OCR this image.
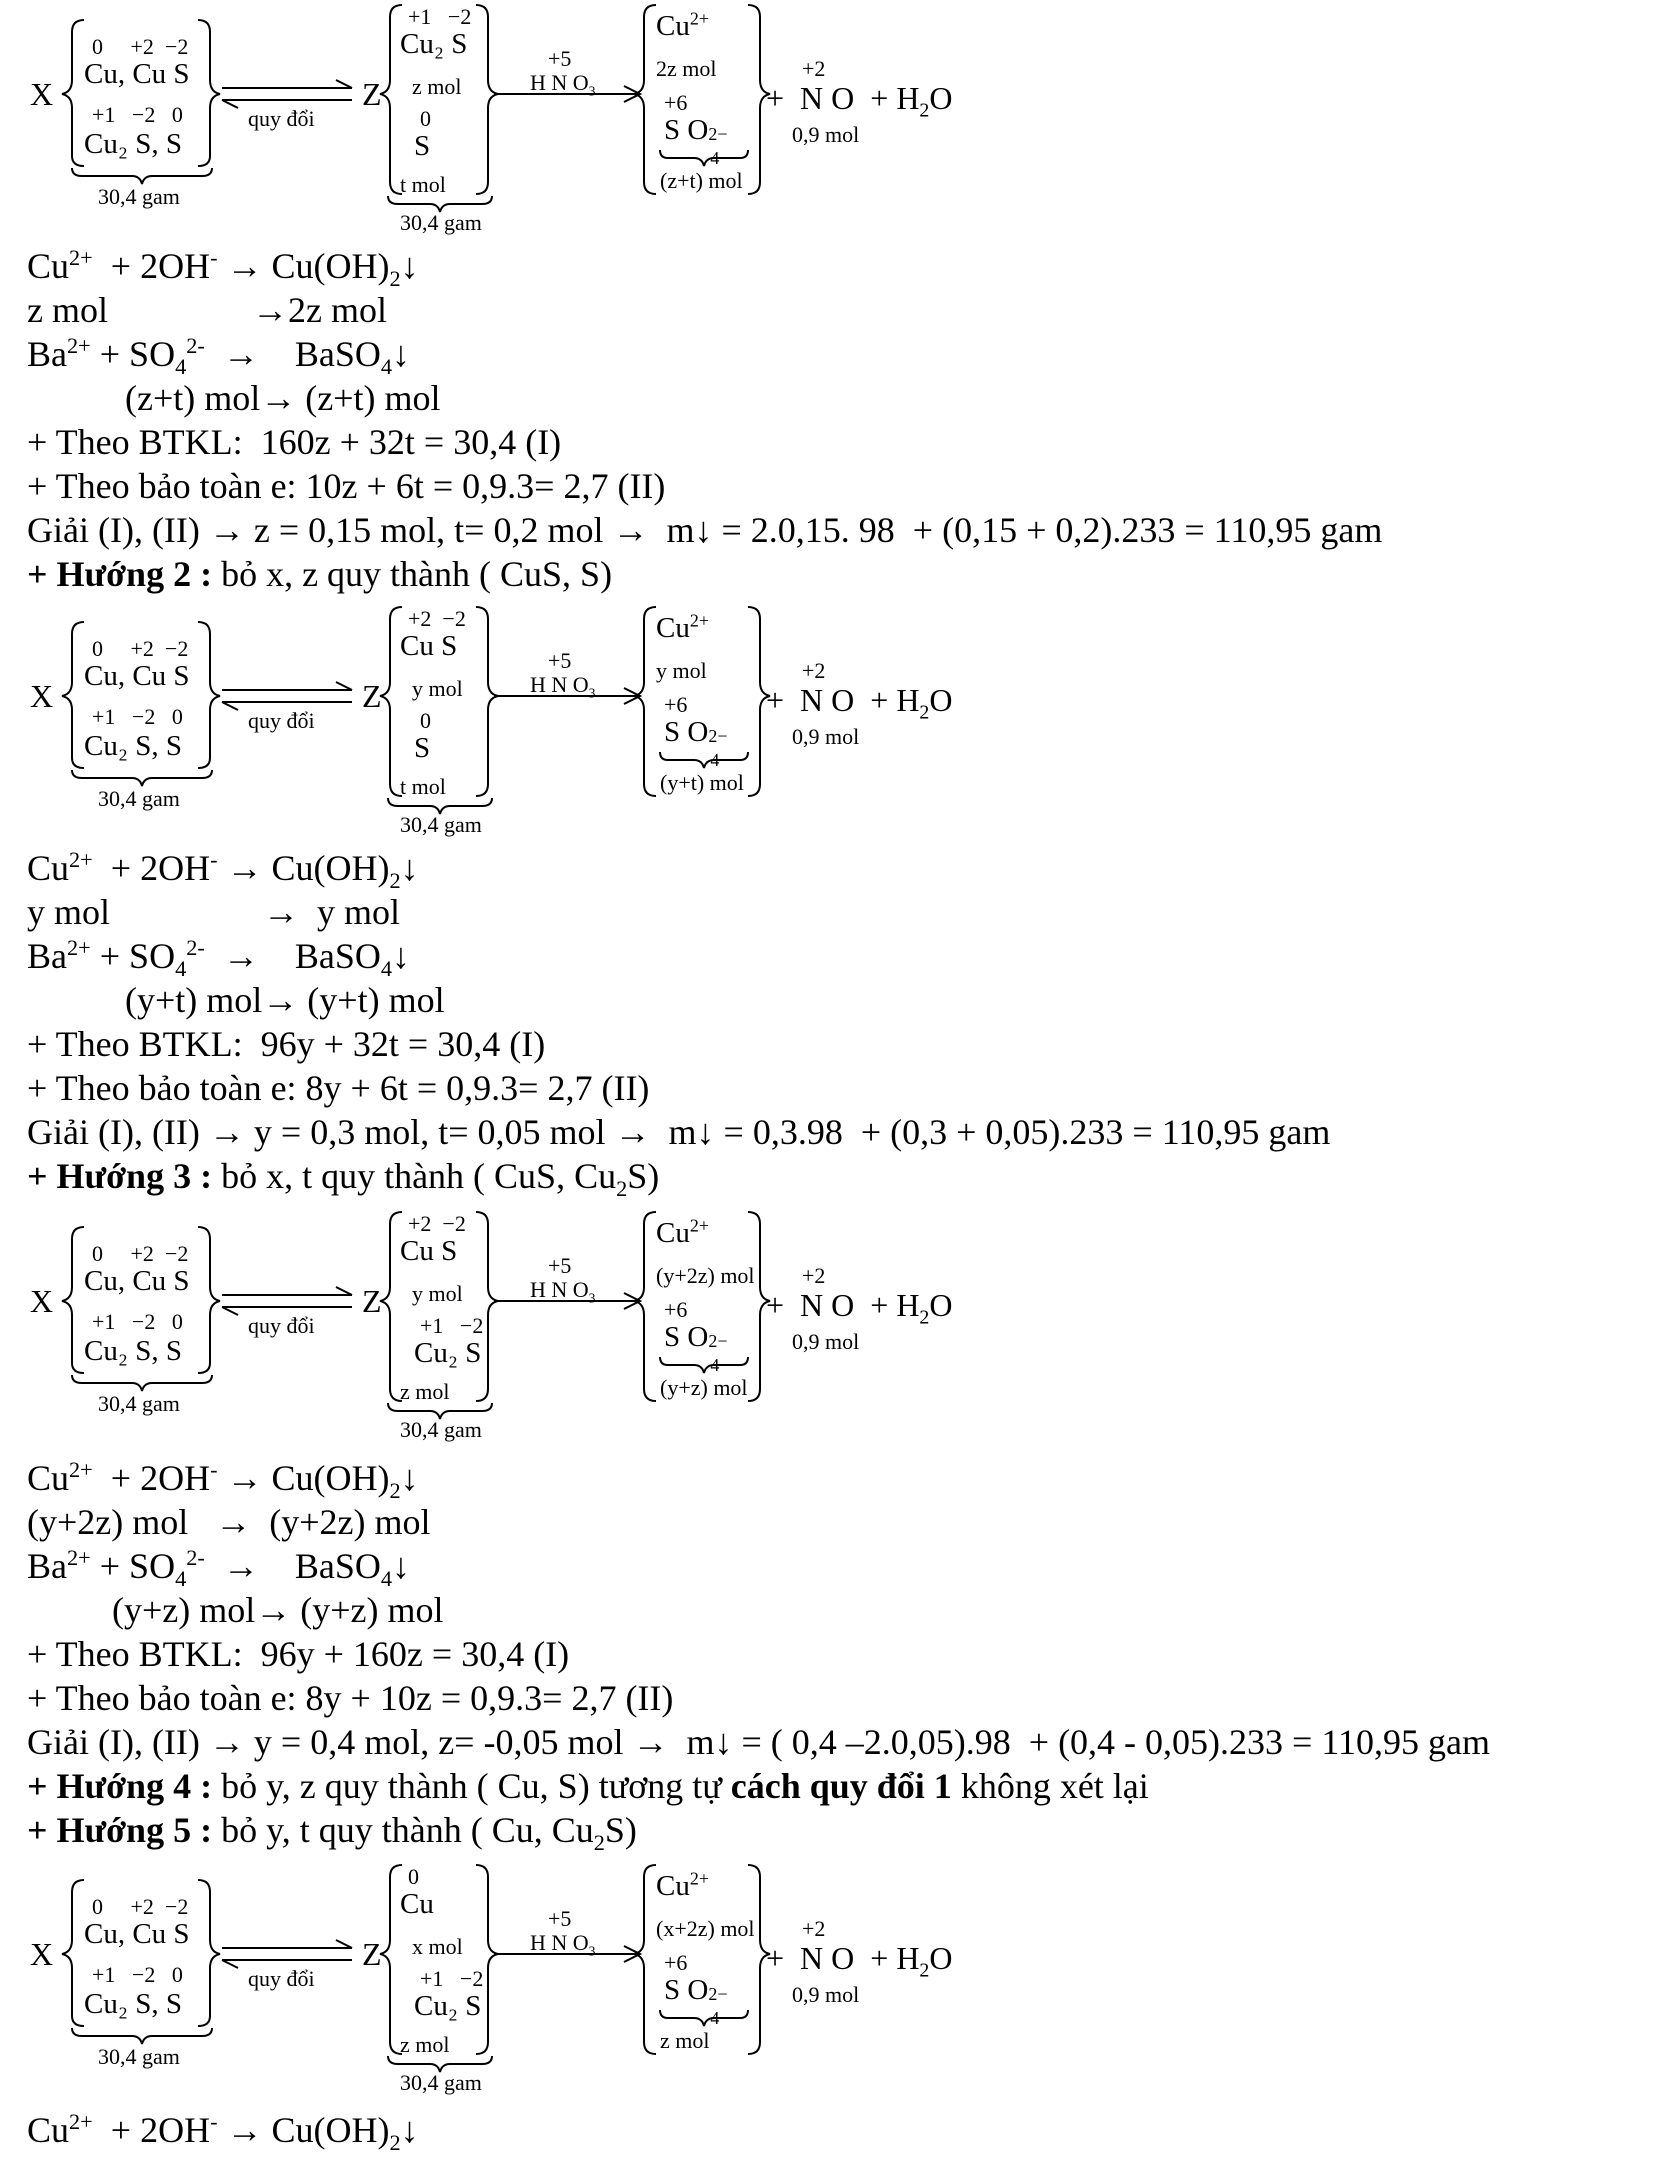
X
0     +2  −2
Cu, Cu S
+1   −2   0
Cu₂ S, S
30,4 gam
quy đổi
Z
+1   −2
Cu₂ S
z mol
0
S
t mol
30,4 gam
+5
H N $O_3$
$Cu^{2+}$
2z mol
+6
S O 2−
4
(z+t) mol
+2
+  N $O + H_2O$
0,9 mol
X
0     +2  −2
Cu, Cu S
+1   −2   0
Cu₂ S, S
30,4 gam
quy đổi
Z
+2  −2
Cu S
y mol
0
S
t mol
30,4 gam
+5
H N $O_3$
$Cu^{2+}$
y mol
+6
S O 2−
4
(y+t) mol
+2
+  N $O + H_2O$
0,9 mol
X
0     +2  −2
Cu, Cu S
+1   −2   0
Cu₂ S, S
30,4 gam
quy đổi
Z
+2  −2
Cu S
y mol
+1   −2
Cu₂ S
z mol
30,4 gam
+5
H N $O_3$
$Cu^{2+}$
(y+2z) mol
+6
S O 2−
4
(y+z) mol
+2
+  N $O + H_2O$
0,9 mol
X
0     +2  −2
Cu, Cu S
+1   −2   0
Cu₂ S, S
30,4 gam
quy đổi
Z
0
Cu
x mol
+1   −2
Cu₂ S
z mol
30,4 gam
+5
H N $O_3$
$Cu^{2+}$
(x+2z) mol
+6
S O 2−
4
z mol
+2
+  N $O + H_2O$
0,9 mol

$Cu^{2+} + 2OH^-$ → $Cu(OH)_2↓$

z mol                →2z mol

$Ba^{2+} + SO_4^{2-}$  →    BaSO$_4$↓

(z+t) mol→ (z+t) mol

+ Theo BTKL:  160z + 32t = 30,4 (I)

+ Theo bảo toàn e: 10z + 6t = 0,9.3= 2,7 (II)

Giải (I), (II) → z = 0,15 mol, t= 0,2 mol →  m↓ = 2.0,15. 98  + (0,15 + 0,2).233 = 110,95 gam

+ Hướng 2 : bỏ x, z quy thành ( CuS, S)

$Cu^{2+} + 2OH^-$ → $Cu(OH)_2↓$

y mol                 →  y mol

$Ba^{2+} + SO_4^{2-}$  →    BaSO$_4$↓

(y+t) mol→ (y+t) mol

+ Theo BTKL:  96y + 32t = 30,4 (I)

+ Theo bảo toàn e: 8y + 6t = 0,9.3= 2,7 (II)

Giải (I), (II) → y = 0,3 mol, t= 0,05 mol →  m↓ = 0,3.98  + (0,3 + 0,05).233 = 110,95 gam

+ Hướng 3 : bỏ x, t quy thành ( CuS, $Cu_2S$)

$Cu^{2+} + 2OH^-$ → $Cu(OH)_2↓$

(y+2z) mol   →  (y+2z) mol

$Ba^{2+} + SO_4^{2-}$  →    BaSO$_4$↓

(y+z) mol→ (y+z) mol

+ Theo BTKL:  96y + 160z = 30,4 (I)

+ Theo bảo toàn e: 8y + 10z = 0,9.3= 2,7 (II)

Giải (I), (II) → y = 0,4 mol, z= -0,05 mol →  m↓ = ( 0,4 –2.0,05).98  + (0,4 - 0,05).233 = 110,95 gam

+ Hướng 4 : bỏ y, z quy thành ( Cu, S) tương tự cách quy đổi 1 không xét lại

+ Hướng 5 : bỏ y, t quy thành ( Cu, $Cu_2S$)

$Cu^{2+} + 2OH^-$ → $Cu(OH)_2↓$
